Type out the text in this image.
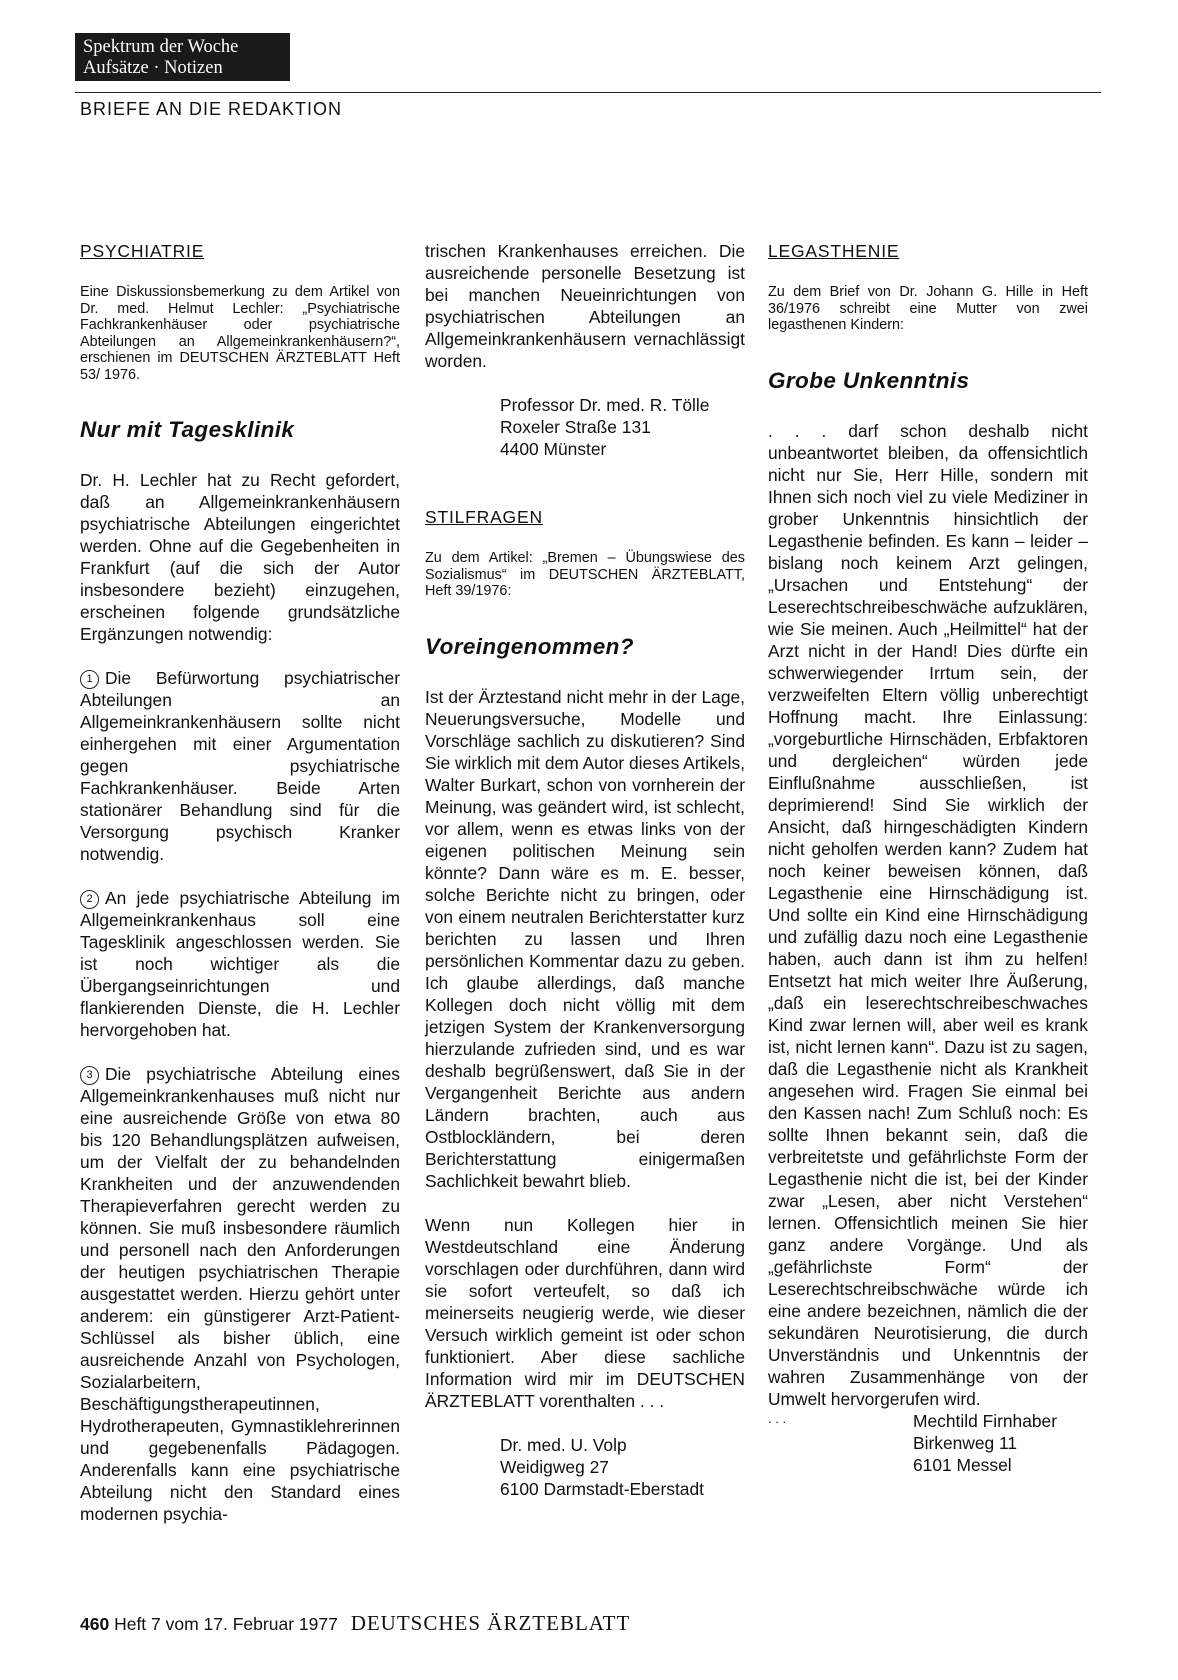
Spektrum der Woche
Aufsätze · Notizen
BRIEFE AN DIE REDAKTION
PSYCHIATRIE

Eine Diskussionsbemerkung zu dem Artikel von Dr. med. Helmut Lechler: „Psychiatrische Fachkrankenhäuser oder psychiatrische Abteilungen an Allgemeinkrankenhäusern?“, erschienen im DEUTSCHEN ÄRZTEBLATT Heft 53/ 1976.

Nur mit Tagesklinik

Dr. H. Lechler hat zu Recht gefordert, daß an Allgemeinkrankenhäusern psychiatrische Abteilungen eingerichtet werden. Ohne auf die Gegebenheiten in Frankfurt (auf die sich der Autor insbesondere bezieht) einzugehen, erscheinen folgende grundsätzliche Ergänzungen notwendig:

1 Die Befürwortung psychiatrischer Abteilungen an Allgemeinkrankenhäusern sollte nicht einhergehen mit einer Argumentation gegen psychiatrische Fachkrankenhäuser. Beide Arten stationärer Behandlung sind für die Versorgung psychisch Kranker notwendig.

2 An jede psychiatrische Abteilung im Allgemeinkrankenhaus soll eine Tagesklinik angeschlossen werden. Sie ist noch wichtiger als die Übergangseinrichtungen und flankierenden Dienste, die H. Lechler hervorgehoben hat.

3 Die psychiatrische Abteilung eines Allgemeinkrankenhauses muß nicht nur eine ausreichende Größe von etwa 80 bis 120 Behandlungsplätzen aufweisen, um der Vielfalt der zu behandelnden Krankheiten und der anzuwendenden Therapieverfahren gerecht werden zu können. Sie muß insbesondere räumlich und personell nach den Anforderungen der heutigen psychiatrischen Therapie ausgestattet werden. Hierzu gehört unter anderem: ein günstigerer Arzt-Patient-Schlüssel als bisher üblich, eine ausreichende Anzahl von Psychologen, Sozialarbeitern, Beschäftigungstherapeutinnen, Hydrotherapeuten, Gymnastiklehrerinnen und gegebenenfalls Pädagogen. Anderenfalls kann eine psychiatrische Abteilung nicht den Standard eines modernen psychia-

trischen Krankenhauses erreichen. Die ausreichende personelle Besetzung ist bei manchen Neueinrichtungen von psychiatrischen Abteilungen an Allgemeinkrankenhäusern vernachlässigt worden.

Professor Dr. med. R. Tölle
Roxeler Straße 131
4400 Münster
STILFRAGEN

Zu dem Artikel: „Bremen – Übungswiese des Sozialismus“ im DEUTSCHEN ÄRZTEBLATT, Heft 39/1976:

Voreingenommen?

Ist der Ärztestand nicht mehr in der Lage, Neuerungsversuche, Modelle und Vorschläge sachlich zu diskutieren? Sind Sie wirklich mit dem Autor dieses Artikels, Walter Burkart, schon von vornherein der Meinung, was geändert wird, ist schlecht, vor allem, wenn es etwas links von der eigenen politischen Meinung sein könnte? Dann wäre es m. E. besser, solche Berichte nicht zu bringen, oder von einem neutralen Berichterstatter kurz berichten zu lassen und Ihren persönlichen Kommentar dazu zu geben. Ich glaube allerdings, daß manche Kollegen doch nicht völlig mit dem jetzigen System der Krankenversorgung hierzulande zufrieden sind, und es war deshalb begrüßenswert, daß Sie in der Vergangenheit Berichte aus andern Ländern brachten, auch aus Ostblockländern, bei deren Berichterstattung einigermaßen Sachlichkeit bewahrt blieb.

Wenn nun Kollegen hier in Westdeutschland eine Änderung vorschlagen oder durchführen, dann wird sie sofort verteufelt, so daß ich meinerseits neugierig werde, wie dieser Versuch wirklich gemeint ist oder schon funktioniert. Aber diese sachliche Information wird mir im DEUTSCHEN ÄRZTEBLATT vorenthalten . . .

Dr. med. U. Volp
Weidigweg 27
6100 Darmstadt-Eberstadt
LEGASTHENIE

Zu dem Brief von Dr. Johann G. Hille in Heft 36/1976 schreibt eine Mutter von zwei legasthenen Kindern:

Grobe Unkenntnis

. . . darf schon deshalb nicht unbeantwortet bleiben, da offensichtlich nicht nur Sie, Herr Hille, sondern mit Ihnen sich noch viel zu viele Mediziner in grober Unkenntnis hinsichtlich der Legasthenie befinden. Es kann – leider – bislang noch keinem Arzt gelingen, „Ursachen und Entstehung“ der Leserechtschreibeschwäche aufzuklären, wie Sie meinen. Auch „Heilmittel“ hat der Arzt nicht in der Hand! Dies dürfte ein schwerwiegender Irrtum sein, der verzweifelten Eltern völlig unberechtigt Hoffnung macht. Ihre Einlassung: „vorgeburtliche Hirnschäden, Erbfaktoren und dergleichen“ würden jede Einflußnahme ausschließen, ist deprimierend! Sind Sie wirklich der Ansicht, daß hirngeschädigten Kindern nicht geholfen werden kann? Zudem hat noch keiner beweisen können, daß Legasthenie eine Hirnschädigung ist. Und sollte ein Kind eine Hirnschädigung und zufällig dazu noch eine Legasthenie haben, auch dann ist ihm zu helfen! Entsetzt hat mich weiter Ihre Äußerung, „daß ein leserechtschreibeschwaches Kind zwar lernen will, aber weil es krank ist, nicht lernen kann“. Dazu ist zu sagen, daß die Legasthenie nicht als Krankheit angesehen wird. Fragen Sie einmal bei den Kassen nach! Zum Schluß noch: Es sollte Ihnen bekannt sein, daß die verbreitetste und gefährlichste Form der Legasthenie nicht die ist, bei der Kinder zwar „Lesen, aber nicht Verstehen“ lernen. Offensichtlich meinen Sie hier ganz andere Vorgänge. Und als „gefährlichste Form“ der Leserechtschreibschwäche würde ich eine andere bezeichnen, nämlich die der sekundären Neurotisierung, die durch Unverständnis und Unkenntnis der wahren Zusammenhänge von der Umwelt hervorgerufen wird.

. . .	Mechtild Firnhaber
Birkenweg 11
6101 Messel
460 Heft 7 vom 17. Februar 1977 DEUTSCHES ÄRZTEBLATT
